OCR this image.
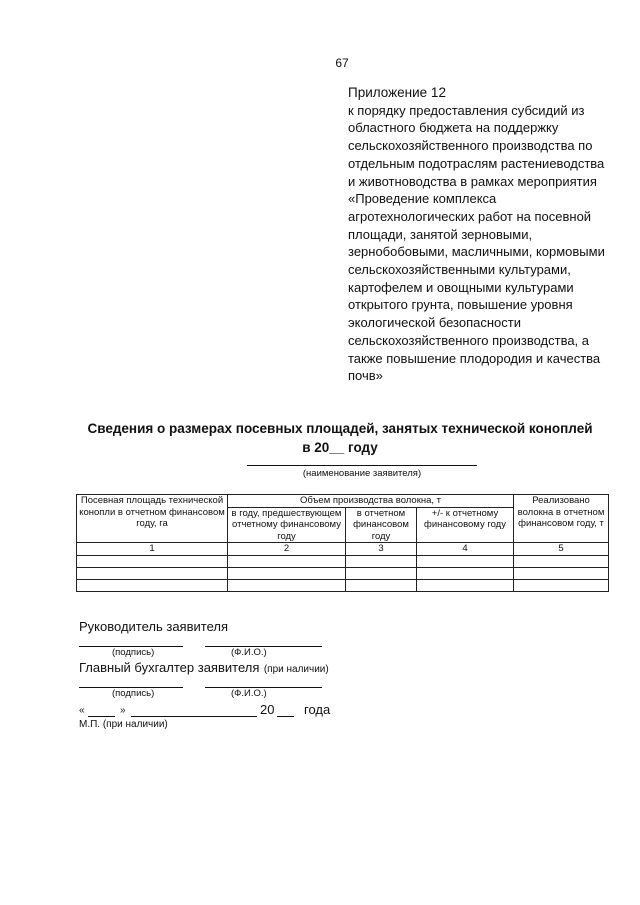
67
Приложение 12
к порядку предоставления субсидий из областного бюджета на поддержку сельскохозяйственного производства по отдельным подотраслям растениеводства и животноводства в рамках мероприятия «Проведение комплекса агротехнологических работ на посевной площади, занятой зерновыми, зернобобовыми, масличными, кормовыми сельскохозяйственными культурами, картофелем и овощными культурами открытого грунта, повышение уровня экологической безопасности сельскохозяйственного производства, а также повышение плодородия и качества почв»
Сведения о размерах посевных площадей, занятых технической коноплей
в 20__ году
(наименование заявителя)
Посевная площадь технической конопли в отчетном финансовом году, га	Объем производства волокна, т			Реализовано волокна в отчетном финансовом году, т
	в году, предшествующем отчетному финансовому году	в отчетном финансовом году	+/- к отчетному финансовому году	
1	2	3	4	5

Руководитель заявителя
(подпись)	(Ф.И.О.)
Главный бухгалтер заявителя (при наличии)
(подпись)	(Ф.И.О.)
«	»	20 года
М.П. (при наличии)
